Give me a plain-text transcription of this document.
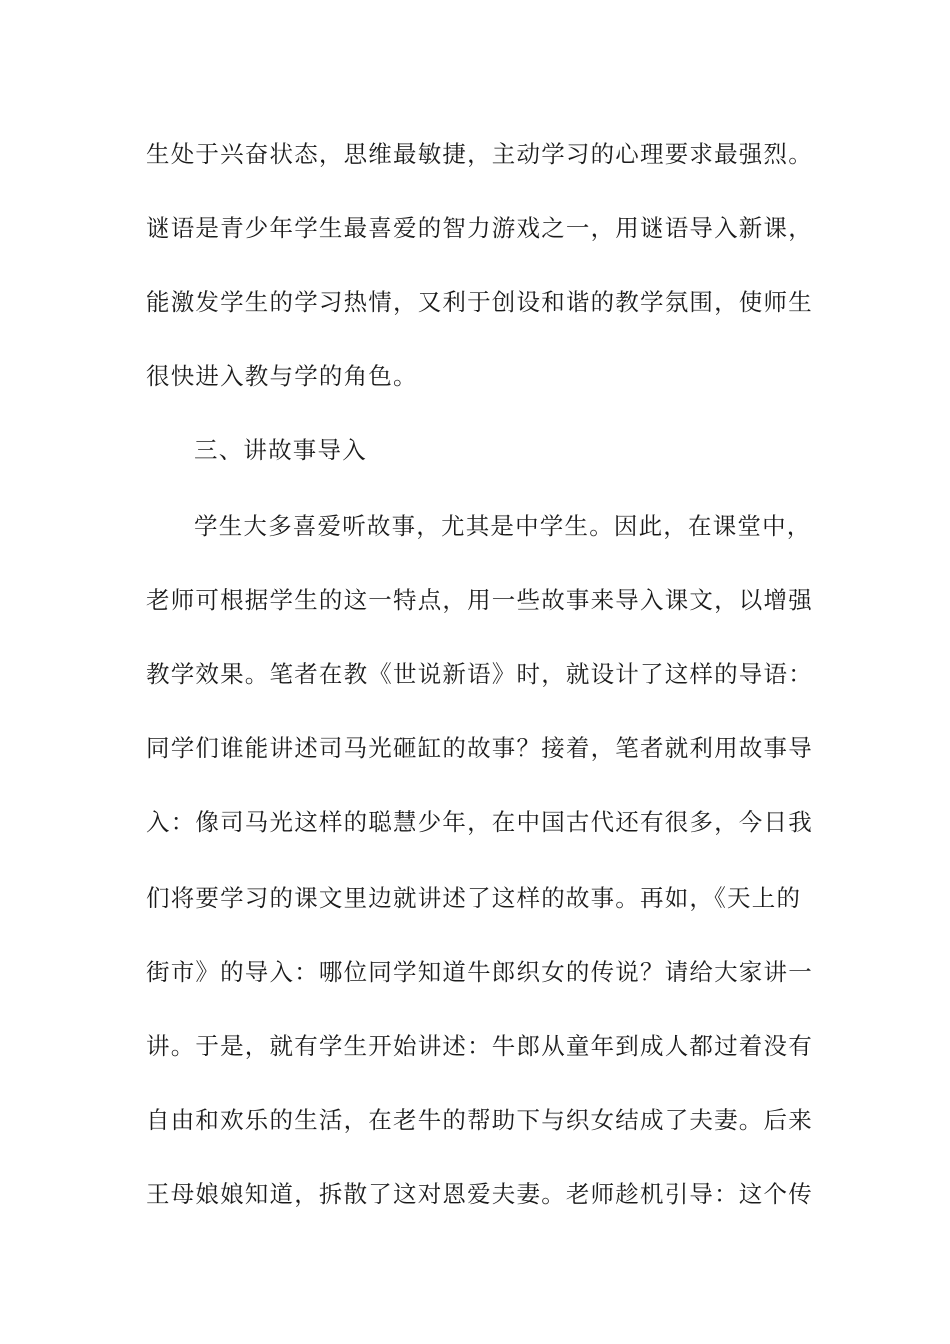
生处于兴奋状态，思维最敏捷，主动学习的心理要求最强烈。
谜语是青少年学生最喜爱的智力游戏之一，用谜语导入新课，
能激发学生的学习热情，又利于创设和谐的教学氛围，使师生
很快进入教与学的角色。
三、讲故事导入
学生大多喜爱听故事，尤其是中学生。因此，在课堂中，
老师可根据学生的这一特点，用一些故事来导入课文，以增强
教学效果。笔者在教《世说新语》时，就设计了这样的导语：
同学们谁能讲述司马光砸缸的故事？接着，笔者就利用故事导
入：像司马光这样的聪慧少年，在中国古代还有很多，今日我
们将要学习的课文里边就讲述了这样的故事。再如，《天上的
街市》的导入：哪位同学知道牛郎织女的传说？请给大家讲一
讲。于是，就有学生开始讲述：牛郎从童年到成人都过着没有
自由和欢乐的生活，在老牛的帮助下与织女结成了夫妻。后来
王母娘娘知道，拆散了这对恩爱夫妻。老师趁机引导：这个传
